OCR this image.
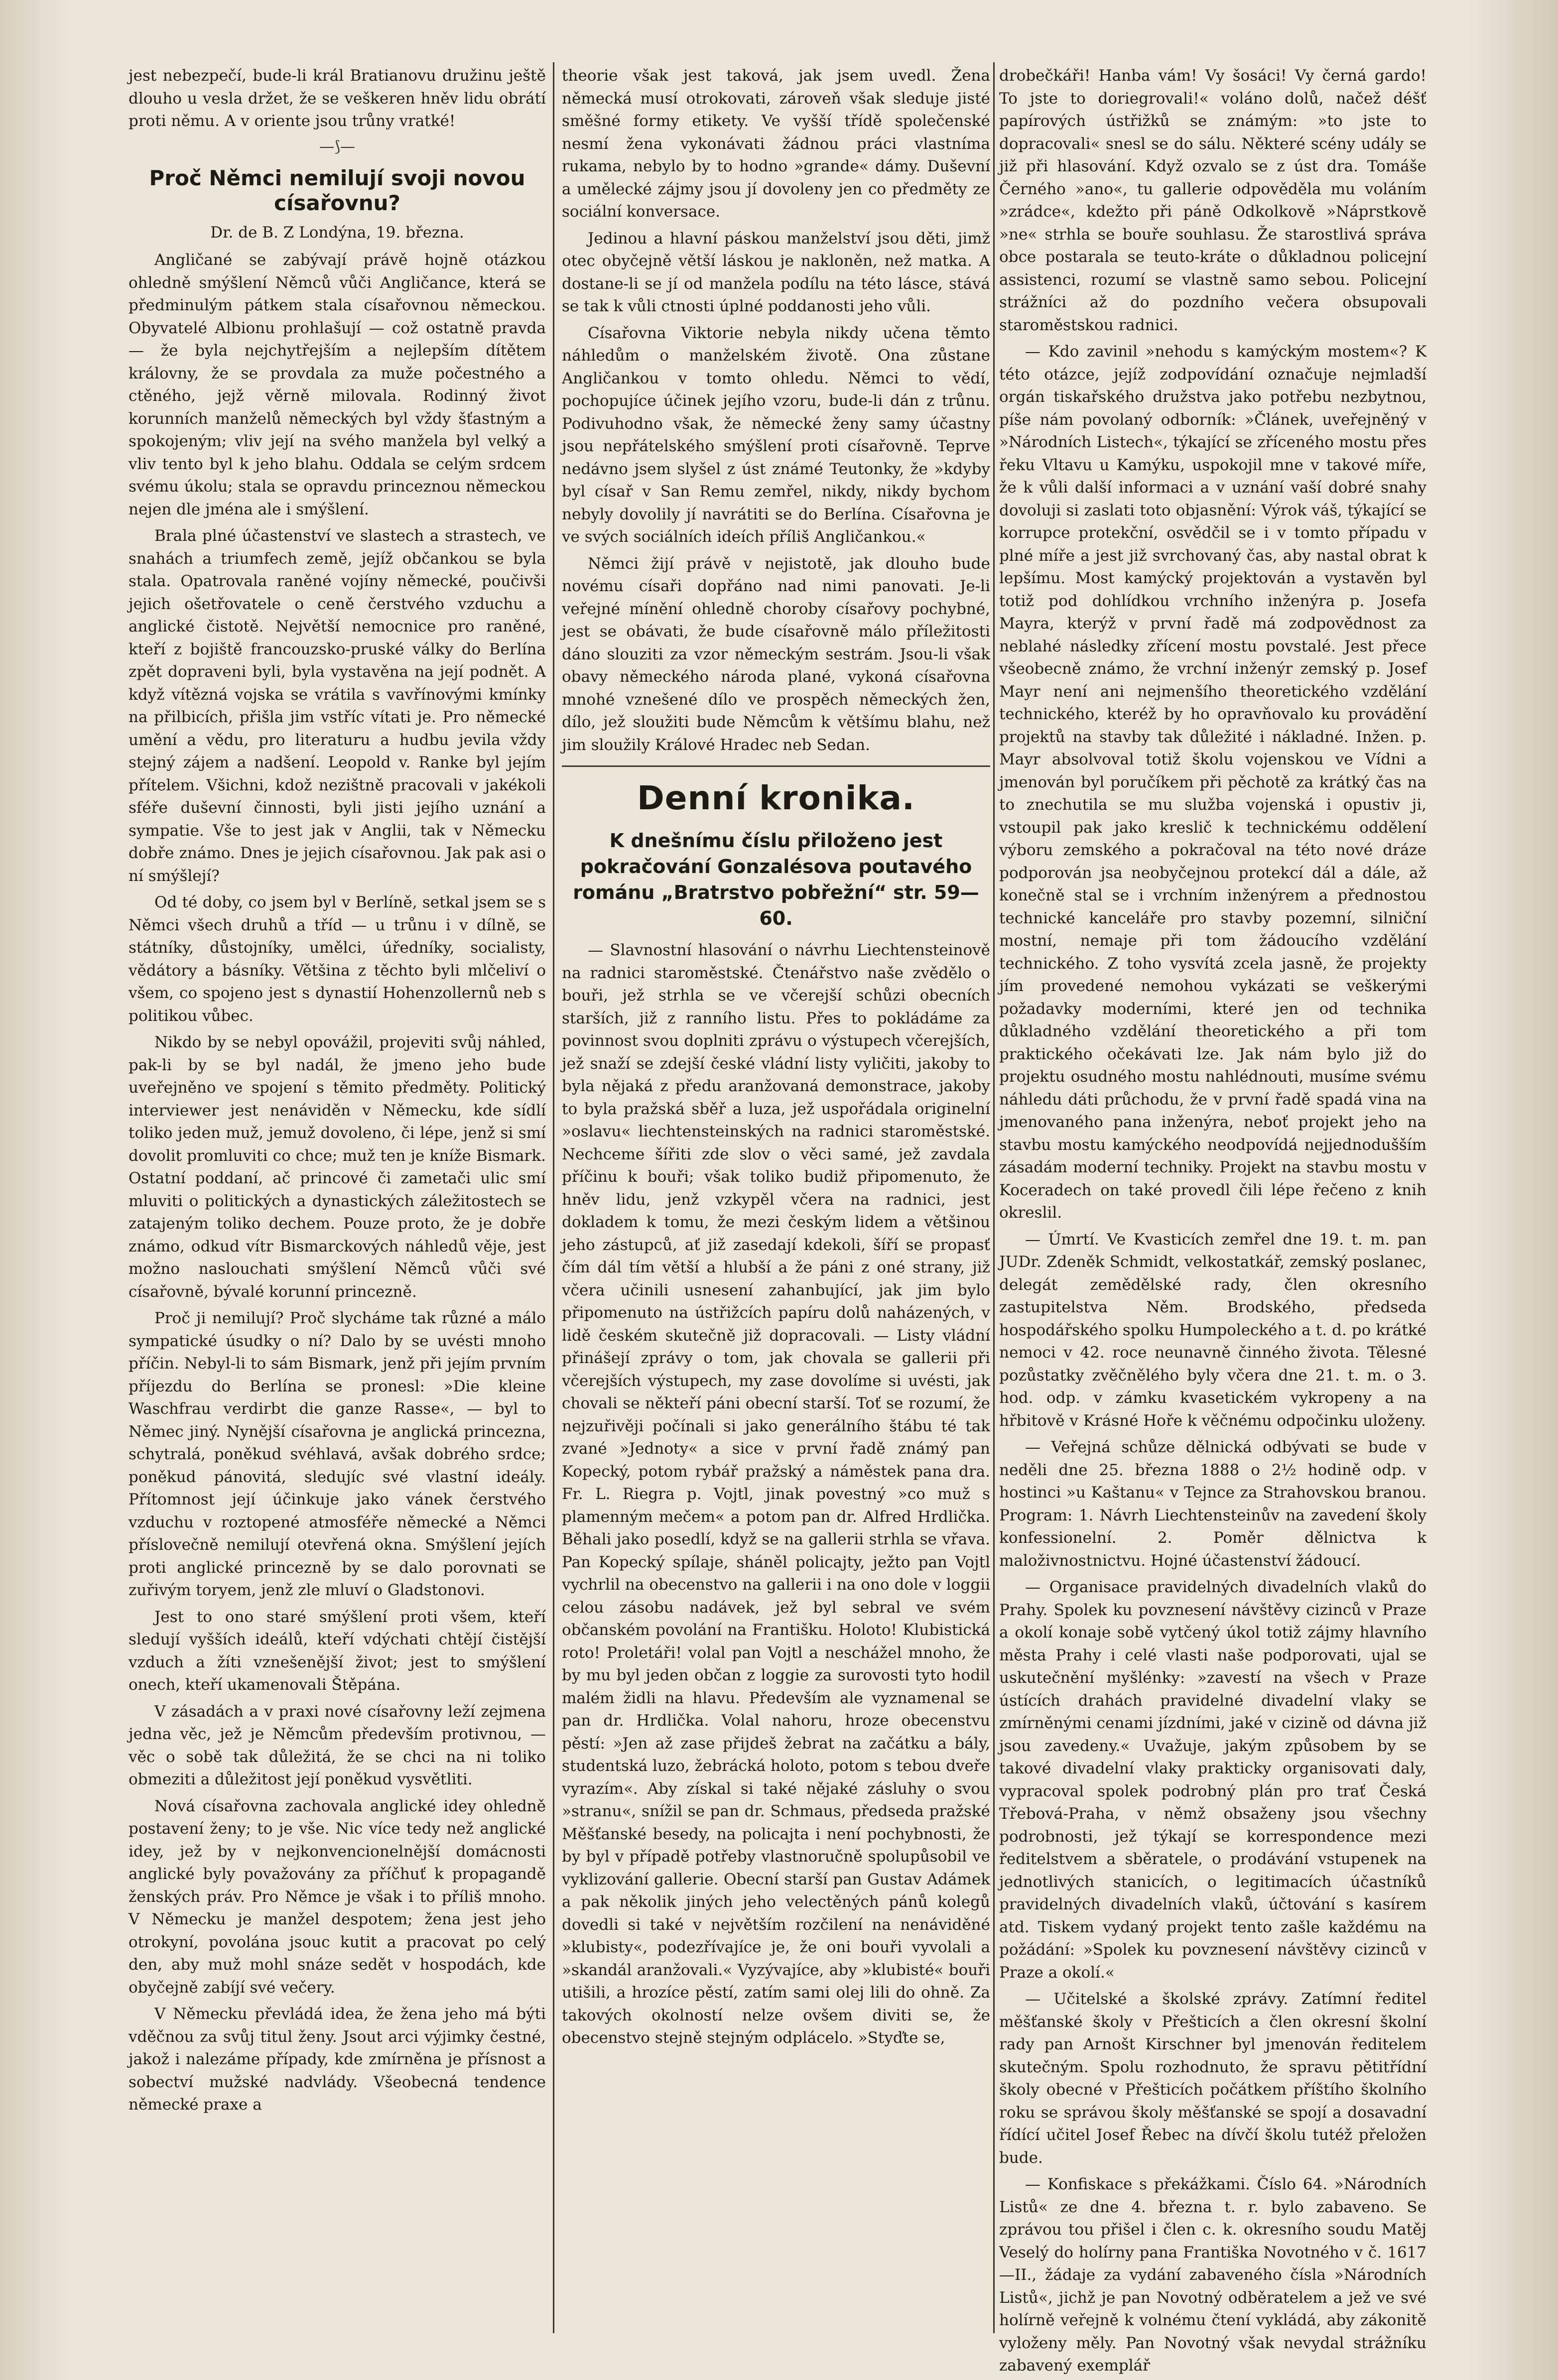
jest nebezpečí, bude-li král Bratianovu družinu ještě dlouho u vesla držet, že se veškeren hněv lidu obrátí proti němu. A v oriente jsou trůny vratké!

—⟆—
Proč Němci nemilují svoji novou císařovnu?

Dr. de B. Z Londýna, 19. března.

Angličané se zabývají právě hojně otázkou ohledně smýšlení Němců vůči Angličance, která se předminulým pátkem stala císařovnou německou. Obyvatelé Albionu prohlašují — což ostatně pravda — že byla nejchytřejším a nejlepším dítětem královny, že se provdala za muže počestného a ctěného, jejž věrně milovala. Rodinný život korunních manželů německých byl vždy šťastným a spokojeným; vliv její na svého manžela byl velký a vliv tento byl k jeho blahu. Oddala se celým srdcem svému úkolu; stala se opravdu princeznou německou nejen dle jména ale i smýšlení.

Brala plné účastenství ve slastech a strastech, ve snahách a triumfech země, jejíž občankou se byla stala. Opatrovala raněné vojíny německé, poučivši jejich ošetřovatele o ceně čerstvého vzduchu a anglické čistotě. Největší nemocnice pro raněné, kteří z bojiště francouzsko-pruské války do Berlína zpět dopraveni byli, byla vystavěna na její podnět. A když vítězná vojska se vrátila s vavřínovými kmínky na přilbicích, přišla jim vstříc vítati je. Pro německé umění a vědu, pro literaturu a hudbu jevila vždy stejný zájem a nadšení. Leopold v. Ranke byl jejím přítelem. Všichni, kdož nezištně pracovali v jakékoli sféře duševní činnosti, byli jisti jejího uznání a sympatie. Vše to jest jak v Anglii, tak v Německu dobře známo. Dnes je jejich císařovnou. Jak pak asi o ní smýšlejí?

Od té doby, co jsem byl v Berlíně, setkal jsem se s Němci všech druhů a tříd — u trůnu i v dílně, se státníky, důstojníky, umělci, úředníky, socialisty, vědátory a básníky. Většina z těchto byli mlčeliví o všem, co spojeno jest s dynastií Hohenzollernů neb s politikou vůbec.

Nikdo by se nebyl opovážil, projeviti svůj náhled, pak-li by se byl nadál, že jmeno jeho bude uveřejněno ve spojení s těmito předměty. Politický interviewer jest nenáviděn v Německu, kde sídlí toliko jeden muž, jemuž dovoleno, či lépe, jenž si smí dovolit promluviti co chce; muž ten je kníže Bismark. Ostatní poddaní, ač princové či zametači ulic smí mluviti o politických a dynastických záležitostech se zatajeným toliko dechem. Pouze proto, že je dobře známo, odkud vítr Bismarckových náhledů věje, jest možno naslouchati smýšlení Němců vůči své císařovně, bývalé korunní princezně.

Proč ji nemilují? Proč slycháme tak různé a málo sympatické úsudky o ní? Dalo by se uvésti mnoho příčin. Nebyl-li to sám Bismark, jenž při jejím prvním příjezdu do Berlína se pronesl: »Die kleine Waschfrau verdirbt die ganze Rasse«, — byl to Němec jiný. Nynější císařovna je anglická princezna, schytralá, poněkud svéhlavá, avšak dobrého srdce; poněkud pánovitá, sledujíc své vlastní ideály. Přítomnost její účinkuje jako vánek čerstvého vzduchu v roztopené atmosféře německé a Němci příslovečně nemilují otevřená okna. Smýšlení jejích proti anglické princezně by se dalo porovnati se zuřivým toryem, jenž zle mluví o Gladstonovi.

Jest to ono staré smýšlení proti všem, kteří sledují vyšších ideálů, kteří vdýchati chtějí čistější vzduch a žíti vznešenější život; jest to smýšlení onech, kteří ukamenovali Štěpána.

V zásadách a v praxi nové císařovny leží zejmena jedna věc, jež je Němcům především protivnou, — věc o sobě tak důležitá, že se chci na ni toliko obmeziti a důležitost její poněkud vysvětliti.

Nová císařovna zachovala anglické idey ohledně postavení ženy; to je vše. Nic více tedy než anglické idey, jež by v nejkonvencionelnější domácnosti anglické byly považovány za příčhuť k propagandě ženských práv. Pro Němce je však i to příliš mnoho. V Německu je manžel despotem; žena jest jeho otrokyní, povolána jsouc kutit a pracovat po celý den, aby muž mohl snáze sedět v hospodách, kde obyčejně zabíjí své večery.

V Německu převládá idea, že žena jeho má býti vděčnou za svůj titul ženy. Jsout arci výjimky čestné, jakož i nalezáme případy, kde zmírněna je přísnost a sobectví mužské nadvlády. Všeobecná tendence německé praxe a

theorie však jest taková, jak jsem uvedl. Žena německá musí otrokovati, zároveň však sleduje jisté směšné formy etikety. Ve vyšší třídě společenské nesmí žena vykonávati žádnou práci vlastníma rukama, nebylo by to hodno »grande« dámy. Duševní a umělecké zájmy jsou jí dovoleny jen co předměty ze sociální konversace.

Jedinou a hlavní páskou manželství jsou děti, jimž otec obyčejně větší láskou je nakloněn, než matka. A dostane-li se jí od manžela podílu na této lásce, stává se tak k vůli ctnosti úplné poddanosti jeho vůli.

Císařovna Viktorie nebyla nikdy učena těmto náhledům o manželském životě. Ona zůstane Angličankou v tomto ohledu. Němci to vědí, pochopujíce účinek jejího vzoru, bude-li dán z trůnu. Podivuhodno však, že německé ženy samy účastny jsou nepřátelského smýšlení proti císařovně. Teprve nedávno jsem slyšel z úst známé Teutonky, že »kdyby byl císař v San Remu zemřel, nikdy, nikdy bychom nebyly dovolily jí navrátiti se do Berlína. Císařovna je ve svých sociálních ideích příliš Angličankou.«

Němci žijí právě v nejistotě, jak dlouho bude novému císaři dopřáno nad nimi panovati. Je-li veřejné mínění ohledně choroby císařovy pochybné, jest se obávati, že bude císařovně málo příležitosti dáno slouziti za vzor německým sestrám. Jsou-li však obavy německého národa plané, vykoná císařovna mnohé vznešené dílo ve prospěch německých žen, dílo, jež sloužiti bude Němcům k většímu blahu, než jim sloužily Králové Hradec neb Sedan.

Denní kronika.
K dnešnímu číslu přiloženo jest pokračování Gonzalésova poutavého románu „Bratrstvo pobřežní“ str. 59—60.

— Slavnostní hlasování o návrhu Liechtensteinově na radnici staroměstské. Čtenářstvo naše zvědělo o bouři, jež strhla se ve včerejší schůzi obecních starších, již z ranního listu. Přes to pokládáme za povinnost svou doplniti zprávu o výstupech včerejších, jež snaží se zdejší české vládní listy vyličiti, jakoby to byla nějaká z předu aranžovaná demonstrace, jakoby to byla pražská sběř a luza, jež uspořádala originelní »oslavu« liechtensteinských na radnici staroměstské. Nechceme šířiti zde slov o věci samé, jež zavdala příčinu k bouři; však toliko budiž připomenuto, že hněv lidu, jenž vzkypěl včera na radnici, jest dokladem k tomu, že mezi českým lidem a většinou jeho zástupců, ať již zasedají kdekoli, šíří se propasť čím dál tím větší a hlubší a že páni z oné strany, již včera učinili usnesení zahanbující, jak jim bylo připomenuto na ústřižcích papíru dolů naházených, v lidě českém skutečně již dopracovali. — Listy vládní přinášejí zprávy o tom, jak chovala se gallerii při včerejších výstupech, my zase dovolíme si uvésti, jak chovali se někteří páni obecní starší. Toť se rozumí, že nejzuřivěji počínali si jako generálního štábu té tak zvané »Jednoty« a sice v první řadě známý pan Kopecký, potom rybář pražský a náměstek pana dra. Fr. L. Riegra p. Vojtl, jinak povestný »co muž s plamenným mečem« a potom pan dr. Alfred Hrdlička. Běhali jako posedlí, když se na gallerii strhla se vřava. Pan Kopecký spílaje, sháněl policajty, ježto pan Vojtl vychrlil na obecenstvo na gallerii i na ono dole v loggii celou zásobu nadávek, jež byl sebral ve svém občanském povolání na Františku. Holoto! Klubistická roto! Proletáři! volal pan Vojtl a neschážel mnoho, že by mu byl jeden občan z loggie za surovosti tyto hodil malém židli na hlavu. Především ale vyznamenal se pan dr. Hrdlička. Volal nahoru, hroze obecenstvu pěstí: »Jen až zase přijdeš žebrat na začátku a bály, studentská luzo, žebrácká holoto, potom s tebou dveře vyrazím«. Aby získal si také nějaké zásluhy o svou »stranu«, snížil se pan dr. Schmaus, předseda pražské Měšťanské besedy, na policajta i není pochybnosti, že by byl v případě potřeby vlastnoručně spolupůsobil ve vyklizování gallerie. Obecní starší pan Gustav Adámek a pak několik jiných jeho velectěných pánů kolegů dovedli si také v největším rozčilení na nenáviděné »klubisty«, podezřívajíce je, že oni bouři vyvolali a »skandál aranžovali.« Vyzývajíce, aby »klubisté« bouři utišili, a hrozíce pěstí, zatím sami olej lili do ohně. Za takových okolností nelze ovšem diviti se, že obecenstvo stejně stejným odplácelo. »Styďte se,

drobečkáři! Hanba vám! Vy šosáci! Vy černá gardo! To jste to doriegrovali!« voláno dolů, načež déšť papírových ústřižků se známým: »to jste to dopracovali« snesl se do sálu. Některé scény udály se již při hlasování. Když ozvalo se z úst dra. Tomáše Černého »ano«, tu gallerie odpověděla mu voláním »zrádce«, kdežto při páně Odkolkově »Náprstkově »ne« strhla se bouře souhlasu. Že starostlivá správa obce postarala se teuto-kráte o důkladnou policejní assistenci, rozumí se vlastně samo sebou. Policejní strážníci až do pozdního večera obsupovali staroměstskou radnici.

— Kdo zavinil »nehodu s kamýckým mostem«? K této otázce, jejíž zodpovídání označuje nejmladší orgán tiskařského družstva jako potřebu nezbytnou, píše nám povolaný odborník: »Článek, uveřejněný v »Národních Listech«, týkající se zříceného mostu přes řeku Vltavu u Kamýku, uspokojil mne v takové míře, že k vůli další informaci a v uznání vaší dobré snahy dovoluji si zaslati toto objasnění: Výrok váš, týkající se korrupce protekční, osvědčil se i v tomto případu v plné míře a jest již svrchovaný čas, aby nastal obrat k lepšímu. Most kamýcký projektován a vystavěn byl totiž pod dohlídkou vrchního inženýra p. Josefa Mayra, kterýž v první řadě má zodpovědnost za neblahé následky zřícení mostu povstalé. Jest přece všeobecně známo, že vrchní inženýr zemský p. Josef Mayr není ani nejmenšího theoretického vzdělání technického, kteréž by ho opravňovalo ku provádění projektů na stavby tak důležité i nákladné. Inžen. p. Mayr absolvoval totiž školu vojenskou ve Vídni a jmenován byl poručíkem při pěchotě za krátký čas na to znechutila se mu služba vojenská i opustiv ji, vstoupil pak jako kreslič k technickému oddělení výboru zemského a pokračoval na této nové dráze podporován jsa neobyčejnou protekcí dál a dále, až konečně stal se i vrchním inženýrem a přednostou technické kanceláře pro stavby pozemní, silniční mostní, nemaje při tom žádoucího vzdělání technického. Z toho vysvítá zcela jasně, že projekty jím provedené nemohou vykázati se veškerými požadavky moderními, které jen od technika důkladného vzdělání theoretického a při tom praktického očekávati lze. Jak nám bylo již do projektu osudného mostu nahlédnouti, musíme svému náhledu dáti průchodu, že v první řadě spadá vina na jmenovaného pana inženýra, neboť projekt jeho na stavbu mostu kamýckého neodpovídá nejjednodušším zásadám moderní techniky. Projekt na stavbu mostu v Koceradech on také provedl čili lépe řečeno z knih okreslil.

— Úmrtí. Ve Kvasticích zemřel dne 19. t. m. pan JUDr. Zdeněk Schmidt, velkostatkář, zemský poslanec, delegát zemědělské rady, člen okresního zastupitelstva Něm. Brodského, předseda hospodářského spolku Humpoleckého a t. d. po krátké nemoci v 42. roce neunavně činného života. Tělesné pozůstatky zvěčnělého byly včera dne 21. t. m. o 3. hod. odp. v zámku kvasetickém vykropeny a na hřbitově v Krásné Hoře k věčnému odpočinku uloženy.

— Veřejná schůze dělnická odbývati se bude v neděli dne 25. března 1888 o 2½ hodině odp. v hostinci »u Kaštanu« v Tejnce za Strahovskou branou. Program: 1. Návrh Liechtensteinův na zavedení školy konfessionelní. 2. Poměr dělnictva k maloživnostnictvu. Hojné účastenství žádoucí.

— Organisace pravidelných divadelních vlaků do Prahy. Spolek ku povznesení návštěvy cizinců v Praze a okolí konaje sobě vytčený úkol totiž zájmy hlavního města Prahy i celé vlasti naše podporovati, ujal se uskutečnění myšlénky: »zavestí na všech v Praze ústících drahách pravidelné divadelní vlaky se zmírněnými cenami jízdními, jaké v cizině od dávna již jsou zavedeny.« Uvažuje, jakým způsobem by se takové divadelní vlaky prakticky organisovati daly, vypracoval spolek podrobný plán pro trať Česká Třebová-Praha, v němž obsaženy jsou všechny podrobnosti, jež týkají se korrespondence mezi ředitelstvem a sběratele, o prodávání vstupenek na jednotlivých stanicích, o legitimacích účastníků pravidelných divadelních vlaků, účtování s kasírem atd. Tiskem vydaný projekt tento zašle každému na požádání: »Spolek ku povznesení návštěvy cizinců v Praze a okolí.«

— Učitelské a školské zprávy. Zatímní ředitel měšťanské školy v Přešticích a člen okresní školní rady pan Arnošt Kirschner byl jmenován ředitelem skutečným. Spolu rozhodnuto, že spravu pětitřídní školy obecné v Přešticích počátkem příštího školního roku se správou školy měšťanské se spojí a dosavadní řídící učitel Josef Řebec na dívčí školu tutéž přeložen bude.

— Konfiskace s překážkami. Číslo 64. »Národních Listů« ze dne 4. března t. r. bylo zabaveno. Se zprávou tou přišel i člen c. k. okresního soudu Matěj Veselý do holírny pana Františka Novotného v č. 1617—II., žádaje za vydání zabaveného čísla »Národních Listů«, jichž je pan Novotný odběratelem a jež ve své holírně veřejně k volnému čtení vykládá, aby zákonitě vyloženy měly. Pan Novotný však nevydal strážníku zabavený exemplář
